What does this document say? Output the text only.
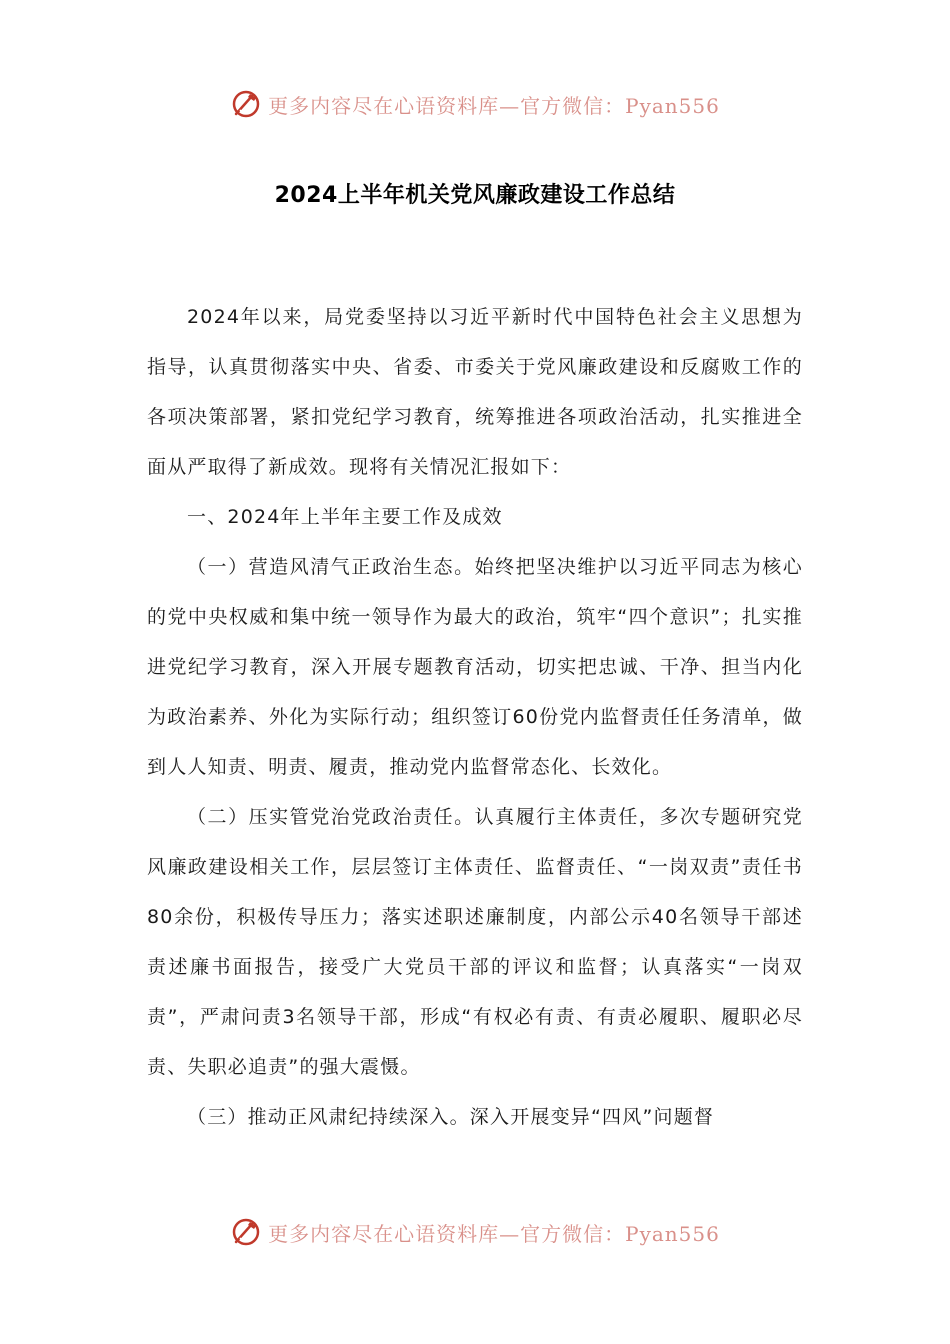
更多内容尽在心语资料库—官方微信：Pyan556
2024上半年机关党风廉政建设工作总结

2024年以来，局党委坚持以习近平新时代中国特色社会主义思想为指导，认真贯彻落实中央、省委、市委关于党风廉政建设和反腐败工作的各项决策部署，紧扣党纪学习教育，统筹推进各项政治活动，扎实推进全面从严取得了新成效。现将有关情况汇报如下：

一、2024年上半年主要工作及成效

（一）营造风清气正政治生态。始终把坚决维护以习近平同志为核心的党中央权威和集中统一领导作为最大的政治，筑牢“四个意识”；扎实推进党纪学习教育，深入开展专题教育活动，切实把忠诚、干净、担当内化为政治素养、外化为实际行动；组织签订60份党内监督责任任务清单，做到人人知责、明责、履责，推动党内监督常态化、长效化。

（二）压实管党治党政治责任。认真履行主体责任，多次专题研究党风廉政建设相关工作，层层签订主体责任、监督责任、“一岗双责”责任书80余份，积极传导压力；落实述职述廉制度，内部公示40名领导干部述责述廉书面报告，接受广大党员干部的评议和监督；认真落实“一岗双责”，严肃问责3名领导干部，形成“有权必有责、有责必履职、履职必尽责、失职必追责”的强大震慑。

（三）推动正风肃纪持续深入。深入开展变异“四风”问题督

更多内容尽在心语资料库—官方微信：Pyan556
